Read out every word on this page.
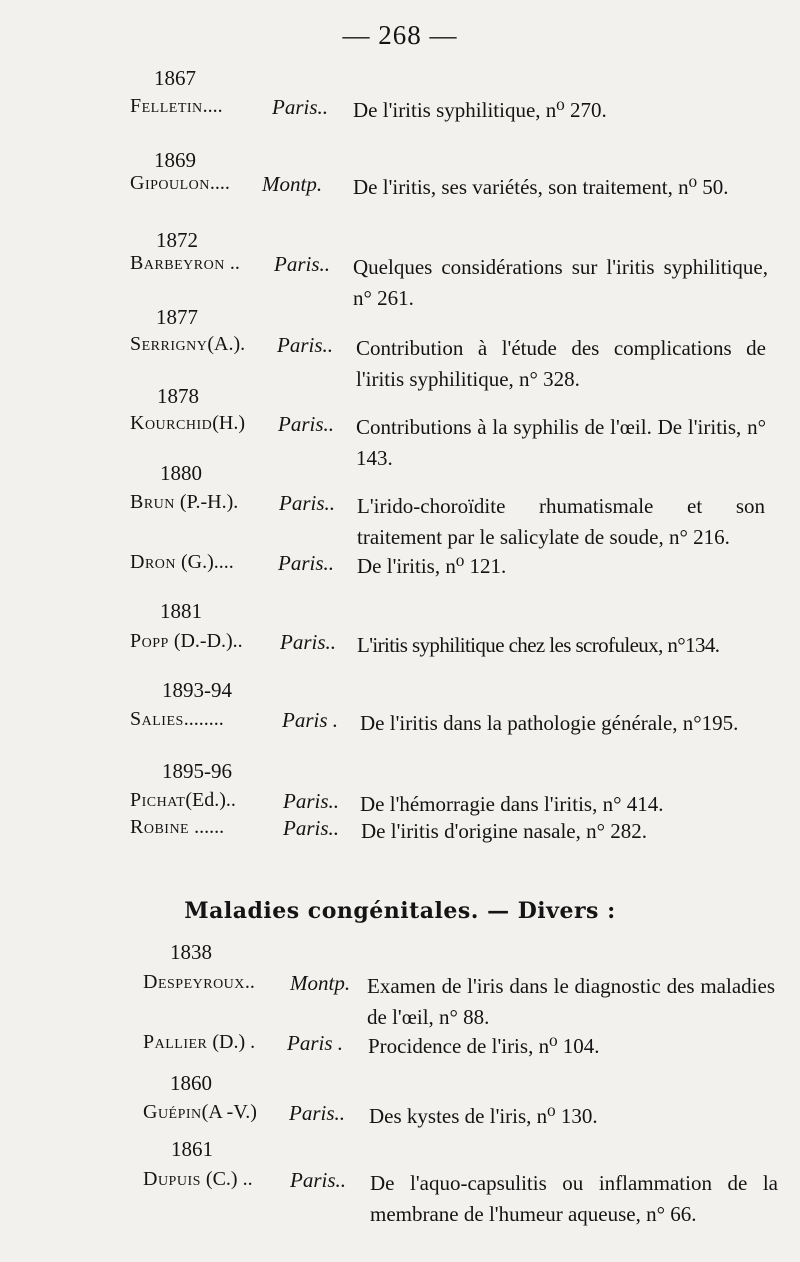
— 268 —
1867
Felletin.... Paris.. De l'iritis syphilitique, n⁰ 270.
1869
Gipoulon.... Montp. De l'iritis, ses variétés, son traitement, n⁰ 50.
1872
Barbeyron .. Paris.. Quelques considérations sur l'iritis syphilitique, n° 261.
1877
Serrigny(A.). Paris.. Contribution à l'étude des complications de l'iritis syphilitique, n° 328.
1878
Kourchid(H.) Paris.. Contributions à la syphilis de l'œil. De l'iritis, n° 143.
1880
Brun (P.-H.). Paris.. L'irido-choroïdite rhumatismale et son traitement par le salicylate de soude, n° 216.
Dron (G.).... Paris.. De l'iritis, n⁰ 121.
1881
Popp (D.-D.).. Paris.. L'iritis syphilitique chez les scrofuleux, n°134.
1893-94
Salies........	Paris . De l'iritis dans la pathologie générale, n°195.
1895-96
Pichat(Ed.).. Paris.. De l'hémorragie dans l'iritis, n° 414.
Robine ......	Paris.. De l'iritis d'origine nasale, n° 282.
Maladies congénitales. — Divers :
1838
Despeyroux.. Montp. Examen de l'iris dans le diagnostic des maladies de l'œil, n° 88.
Pallier (D.) . Paris . Procidence de l'iris, n⁰ 104.
1860
Guépin(A -V.) Paris.. Des kystes de l'iris, n⁰ 130.
1861
Dupuis (C.) .. Paris.. De l'aquo-capsulitis ou inflammation de la membrane de l'humeur aqueuse, n° 66.
